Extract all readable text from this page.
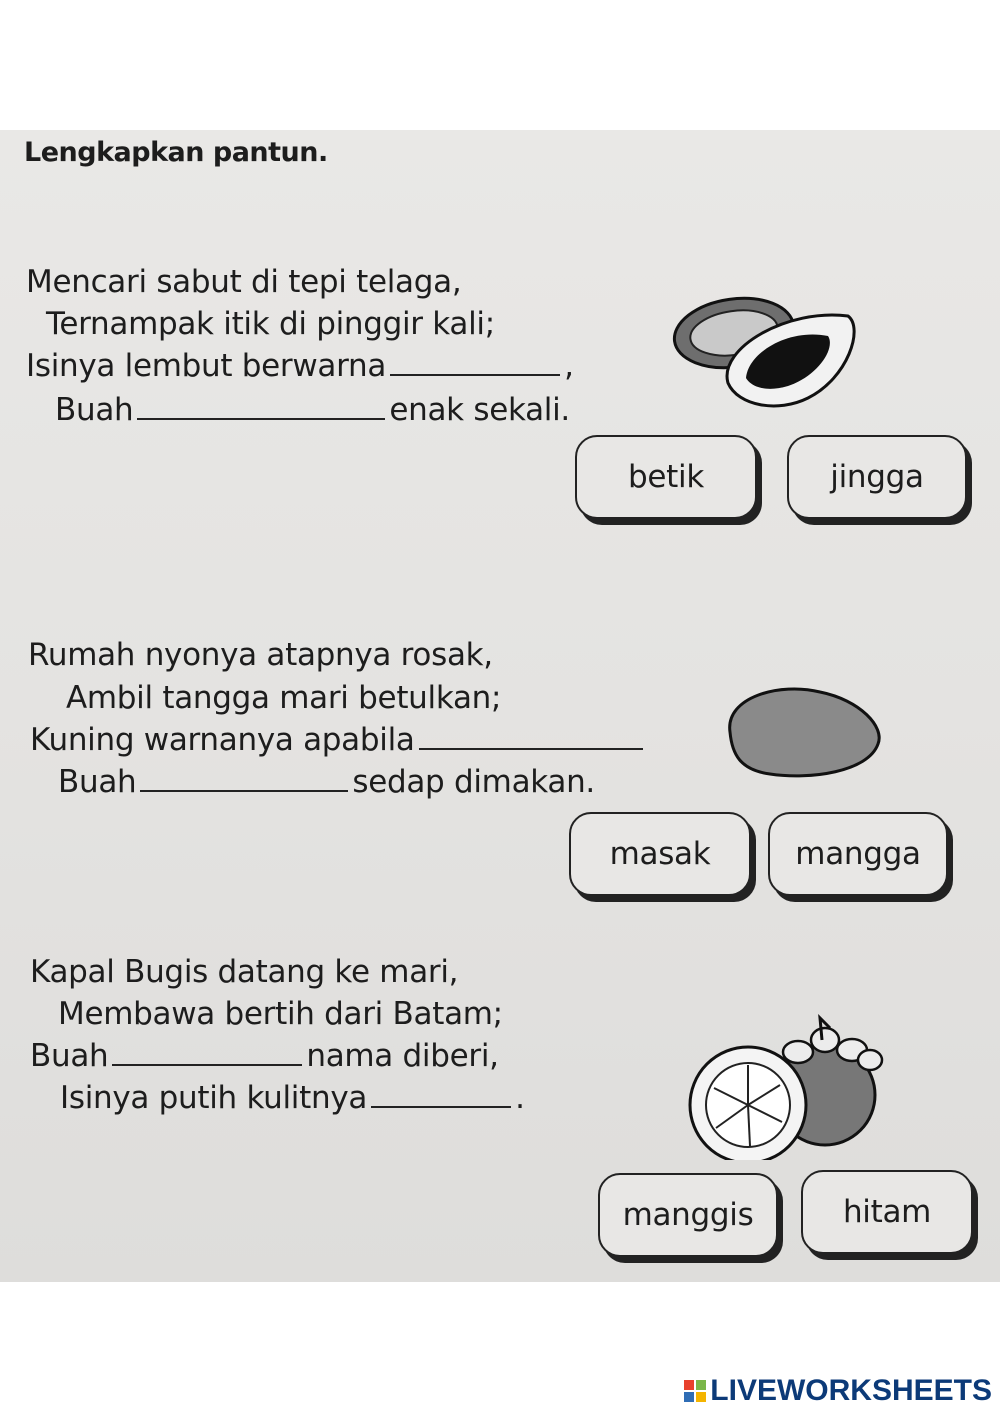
Lengkapkan pantun.
Mencari sabut di tepi telaga,
Ternampak itik di pinggir kali;
Isinya lembut berwarna	,
Buah	enak sekali.
betik	jingga
Rumah nyonya atapnya rosak,
Ambil tangga mari betulkan;
Kuning warnanya apabila
Buah	sedap dimakan.
masak	mangga
Kapal Bugis datang ke mari,
Membawa bertih dari Batam;
Buah	nama diberi,
Isinya putih kulitnya	.
manggis	hitam
LIVEWORKSHEETS
